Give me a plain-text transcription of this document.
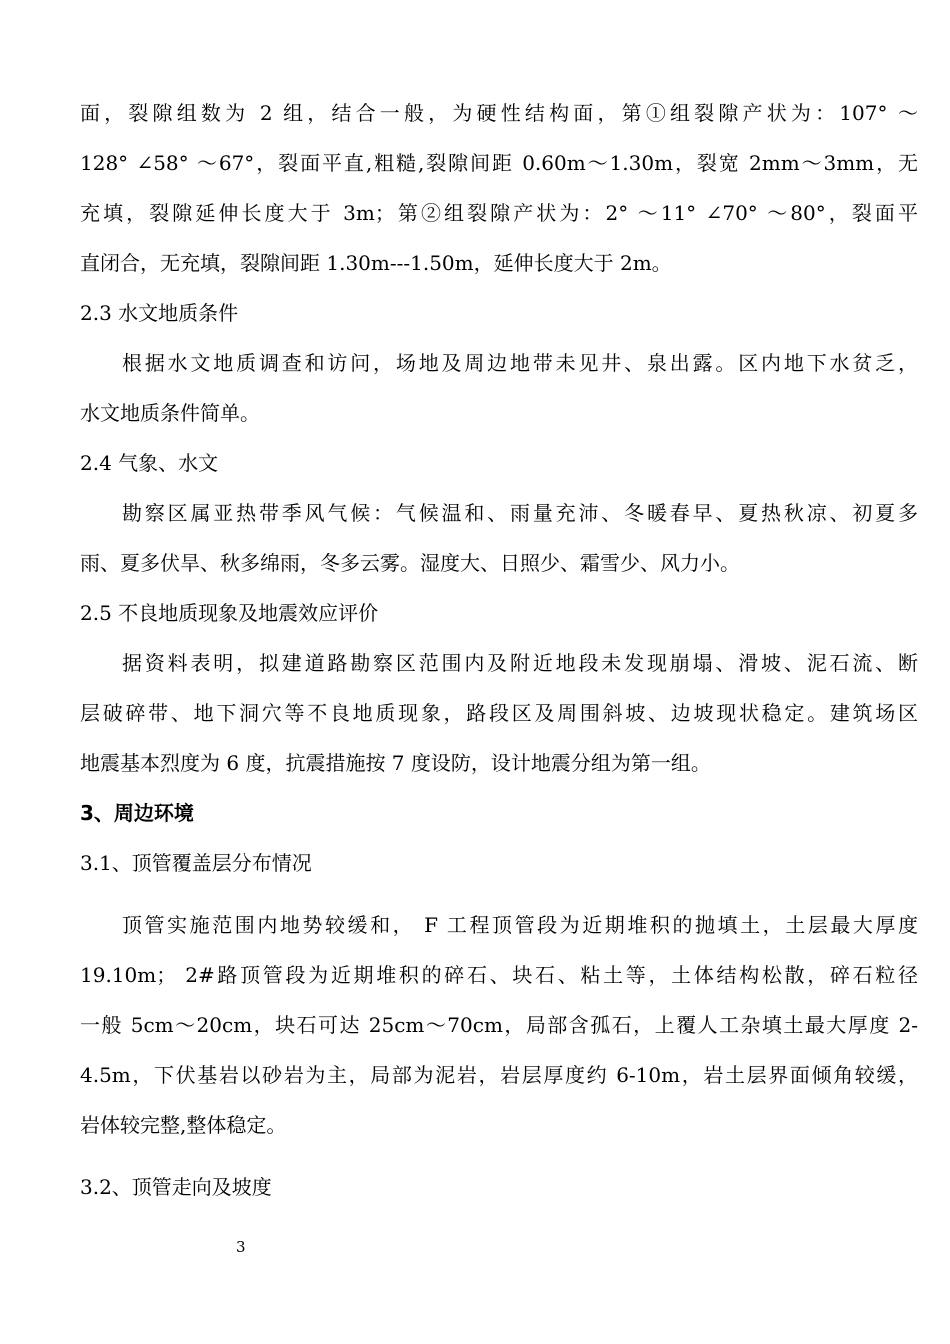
面，裂隙组数为 2 组，结合一般，为硬性结构面，第①组裂隙产状为：107° ～
128° ∠58° ～67°，裂面平直,粗糙,裂隙间距 0.60m～1.30m，裂宽 2mm～3mm，无
充填，裂隙延伸长度大于 3m；第②组裂隙产状为：2° ～11° ∠70° ～80°，裂面平
直闭合，无充填，裂隙间距 1.30m---1.50m，延伸长度大于 2m。
2.3 水文地质条件
根据水文地质调查和访问，场地及周边地带未见井、泉出露。区内地下水贫乏，
水文地质条件简单。
2.4 气象、水文
勘察区属亚热带季风气候：气候温和、雨量充沛、冬暖春早、夏热秋凉、初夏多
雨、夏多伏旱、秋多绵雨，冬多云雾。湿度大、日照少、霜雪少、风力小。
2.5 不良地质现象及地震效应评价
据资料表明，拟建道路勘察区范围内及附近地段未发现崩塌、滑坡、泥石流、断
层破碎带、地下洞穴等不良地质现象，路段区及周围斜坡、边坡现状稳定。建筑场区
地震基本烈度为 6 度，抗震措施按 7 度设防，设计地震分组为第一组。
3、周边环境
3.1、顶管覆盖层分布情况
顶管实施范围内地势较缓和， F 工程顶管段为近期堆积的抛填土，土层最大厚度
19.10m； 2#路顶管段为近期堆积的碎石、块石、粘土等，土体结构松散，碎石粒径
一般 5cm～20cm，块石可达 25cm～70cm，局部含孤石，上覆人工杂填土最大厚度 2-
4.5m，下伏基岩以砂岩为主，局部为泥岩，岩层厚度约 6-10m，岩土层界面倾角较缓，
岩体较完整,整体稳定。
3.2、顶管走向及坡度
3
